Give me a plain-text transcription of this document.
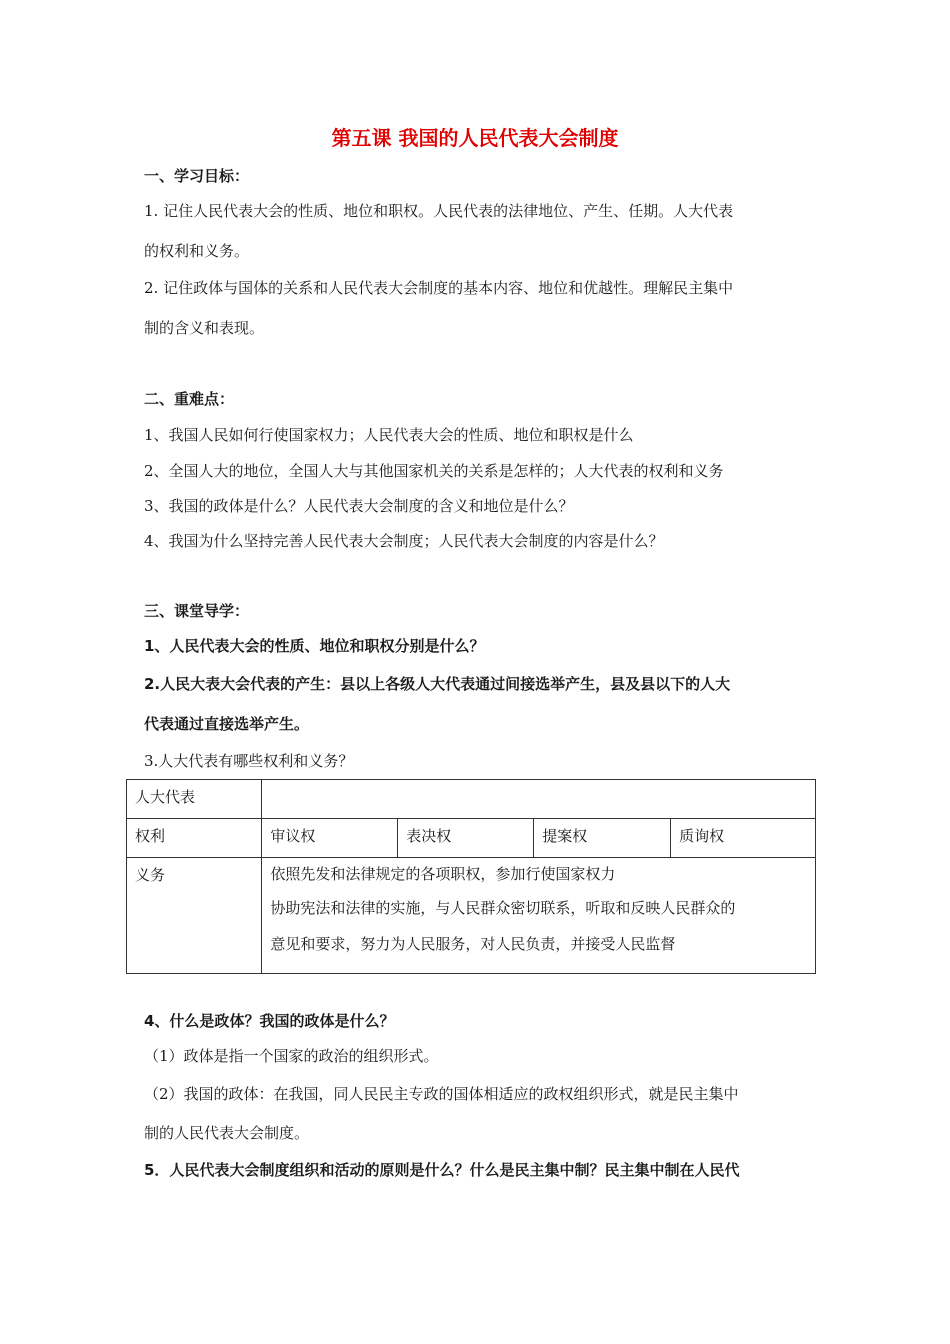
第五课 我国的人民代表大会制度
一、学习目标：
1. 记住人民代表大会的性质、地位和职权。人民代表的法律地位、产生、任期。人大代表
的权利和义务。
2. 记住政体与国体的关系和人民代表大会制度的基本内容、地位和优越性。理解民主集中
制的含义和表现。
二、重难点：
1、我国人民如何行使国家权力；人民代表大会的性质、地位和职权是什么
2、全国人大的地位，全国人大与其他国家机关的关系是怎样的；人大代表的权利和义务
3、我国的政体是什么？人民代表大会制度的含义和地位是什么？
4、我国为什么坚持完善人民代表大会制度；人民代表大会制度的内容是什么？
三、课堂导学：
1、人民代表大会的性质、地位和职权分别是什么？
2.人民大表大会代表的产生：县以上各级人大代表通过间接选举产生，县及县以下的人大
代表通过直接选举产生。
3.人大代表有哪些权利和义务？
人大代表				
权利	审议权	表决权	提案权	质询权
义务	依照先发和法律规定的各项职权，参加行使国家权力
协助宪法和法律的实施，与人民群众密切联系，听取和反映人民群众的
意见和要求，努力为人民服务，对人民负责，并接受人民监督			
4、什么是政体？我国的政体是什么？
（1）政体是指一个国家的政治的组织形式。
（2）我国的政体：在我国，同人民民主专政的国体相适应的政权组织形式，就是民主集中
制的人民代表大会制度。
5．人民代表大会制度组织和活动的原则是什么？什么是民主集中制？民主集中制在人民代
